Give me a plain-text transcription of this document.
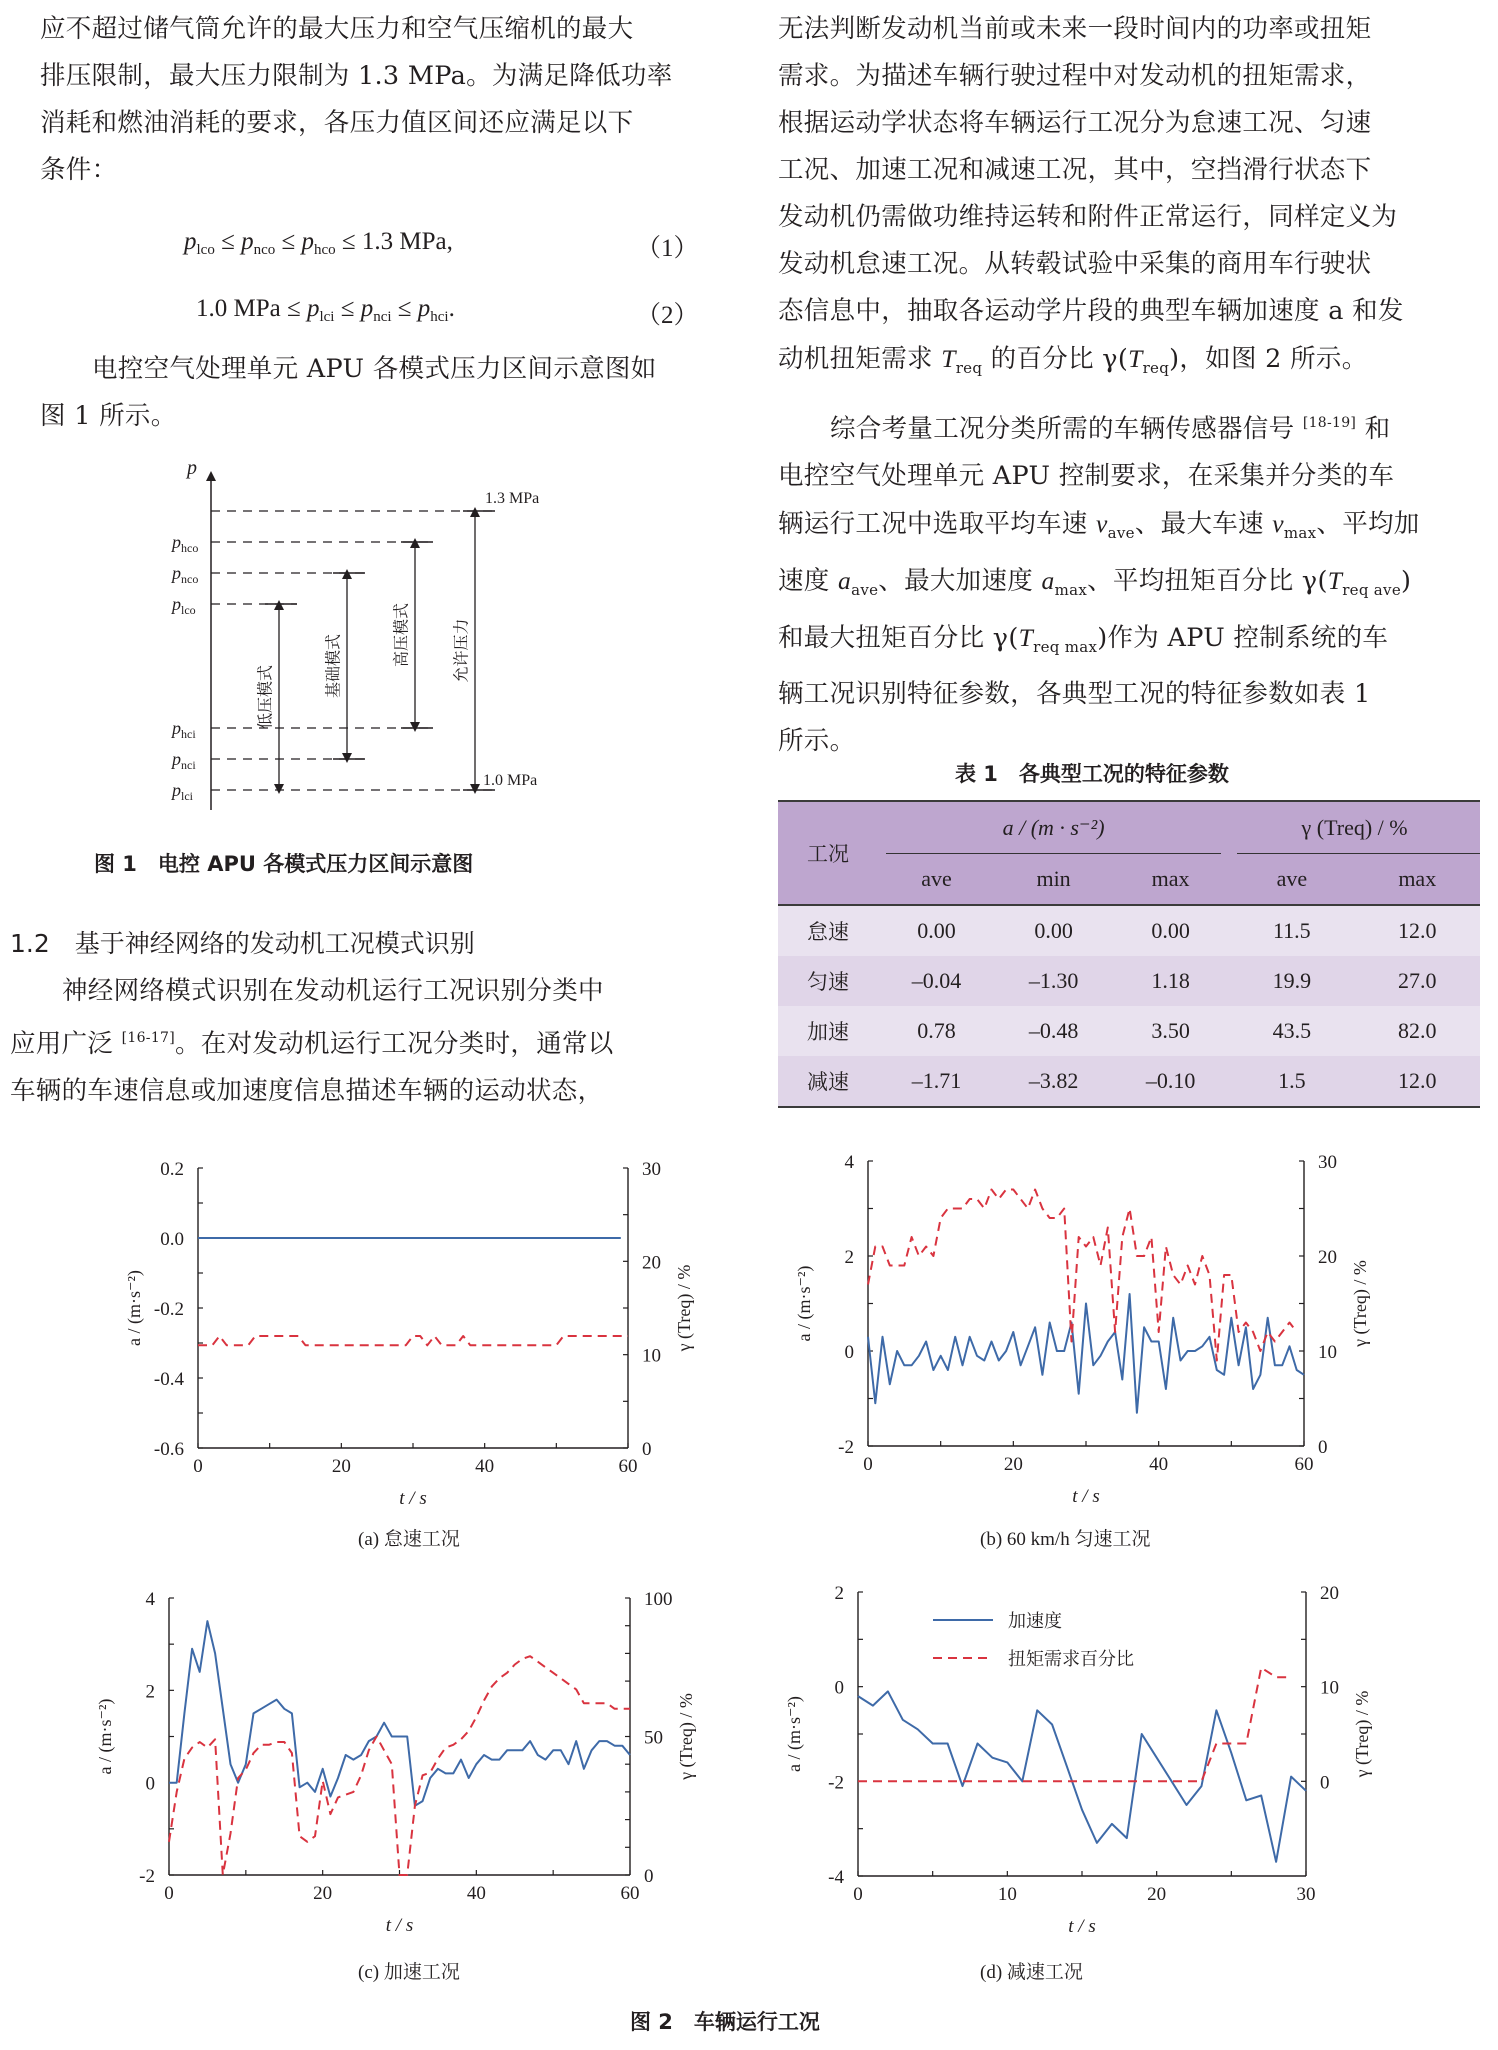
应不超过储气筒允许的最大压力和空气压缩机的最大
排压限制，最大压力限制为 1.3 MPa。为满足降低功率
消耗和燃油消耗的要求，各压力值区间还应满足以下
条件：
$p_{lco} \le p_{nco} \le p_{hco} \le 1.3$ MPa,	（1）
1.0 MPa ≤ $p_{lci} \le p_{nci} \le p_{hci}$.	（2）
电控空气处理单元 APU 各模式压力区间示意图如
图 1 所示。
p
1.3 MPa
$p_{hco}$
$p_{nco}$
$p_{lco}$
$p_{hci}$
$p_{nci}$
$p_{lci}$
1.0 MPa
低压模式	基础模式	高压模式	允许压力
图 1　电控 APU 各模式压力区间示意图
1.2　基于神经网络的发动机工况模式识别
神经网络模式识别在发动机运行工况识别分类中
应用广泛 [16-17]。在对发动机运行工况分类时，通常以
车辆的车速信息或加速度信息描述车辆的运动状态，
无法判断发动机当前或未来一段时间内的功率或扭矩
需求。为描述车辆行驶过程中对发动机的扭矩需求，
根据运动学状态将车辆运行工况分为怠速工况、匀速
工况、加速工况和减速工况，其中，空挡滑行状态下
发动机仍需做功维持运转和附件正常运行，同样定义为
发动机怠速工况。从转毂试验中采集的商用车行驶状
态信息中，抽取各运动学片段的典型车辆加速度 a 和发
动机扭矩需求 $T_{req}$ 的百分比 $\gamma(T_{req})$，如图 2 所示。
综合考量工况分类所需的车辆传感器信号 [18-19] 和
电控空气处理单元 APU 控制要求，在采集并分类的车
辆运行工况中选取平均车速 $v_{ave}$、最大车速 $v_{max}$、平均加
速度 $a_{ave}$、最大加速度 $a_{max}$、平均扭矩百分比 $\gamma(T_{req ave})$
和最大扭矩百分比 $\gamma(T_{req max})$作为 APU 控制系统的车
辆工况识别特征参数，各典型工况的特征参数如表 1
所示。
表 1　各典型工况的特征参数
工况	a / (m · s⁻²)			γ (Treq) / %	

	ave	min	max	ave	max
怠速	0.00	0.00	0.00	11.5	12.0
匀速	–0.04	–1.30	1.18	19.9	27.0
加速	0.78	–0.48	3.50	43.5	82.0
减速	–1.71	–3.82	–0.10	1.5	12.0
0	20	40	60
0.2
0.0
-0.2
-0.4
-0.6	0
10
20
30
t / s
a / (m·s⁻²)	γ (Treq) / %
0	20	40	60
4
2
0
-2	0
10
20
30
t / s
a / (m·s⁻²)	γ (Treq) / %
0	20	40	60
4
2
0
-2	0
50
100
t / s
a / (m·s⁻²)	γ (Treq) / %
0	10	20	30
2
0
-2
-4
0
10
20
t / s
a / (m·s⁻²)	γ (Treq) / %
加速度
扭矩需求百分比
(a) 怠速工况	(b) 60 km/h 匀速工况
(c) 加速工况	(d) 减速工况
图 2　车辆运行工况
